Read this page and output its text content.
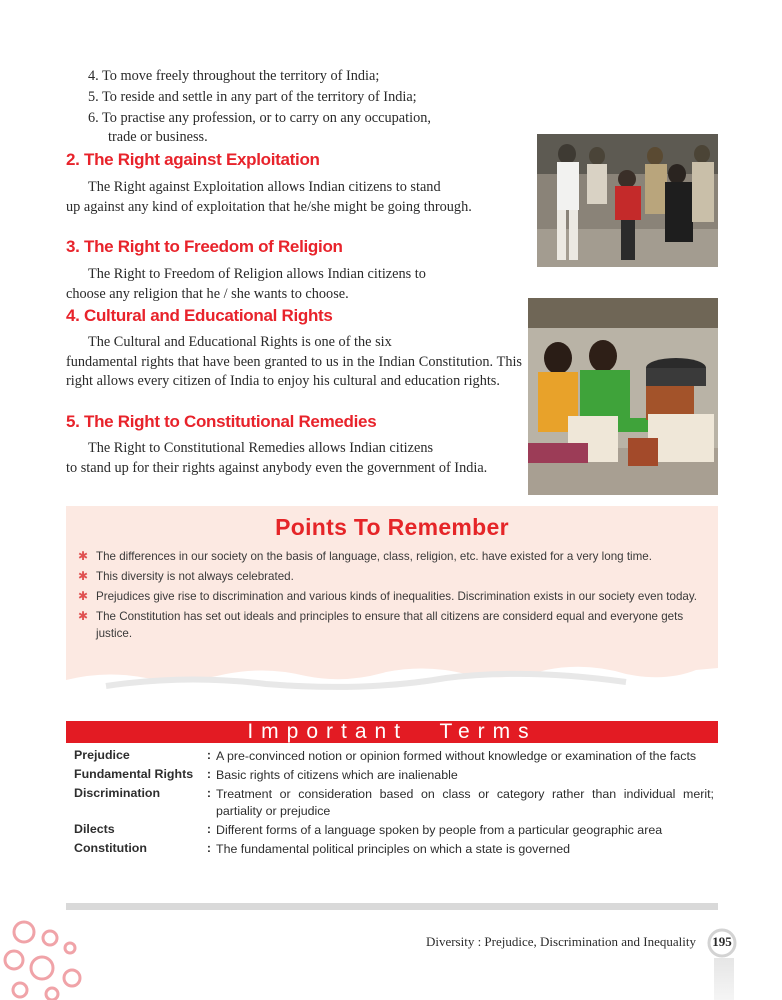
4. To move freely throughout the territory of India;
5. To reside and settle in any part of the territory of India;
6. To practise any profession, or to carry on any occupation,
trade or business.
2. The Right against Exploitation
The Right against Exploitation allows Indian citizens to stand
up against any kind of exploitation that he/she might be going through.
3. The Right to Freedom of Religion
The Right to Freedom of Religion allows Indian citizens to
choose any religion that he / she wants to choose.
4. Cultural and Educational Rights
The Cultural and Educational Rights is one of the six
fundamental rights that have been granted to us in the Indian Constitution. This right allows every citizen of India to enjoy his cultural and education rights.
5. The Right to Constitutional Remedies
The Right to Constitutional Remedies allows Indian citizens
to stand up for their rights against anybody even the government of India.
Points To Remember
✱ The differences in our society on the basis of language, class, religion, etc. have existed for a very long time.
✱ This diversity is not always celebrated.
✱ Prejudices give rise to discrimination and various kinds of inequalities. Discrimination exists in our society even today.
✱ The Constitution has set out ideals and principles to ensure that all citizens are considerd equal and everyone gets justice.
Important Terms
Prejudice	: A pre-convinced notion or opinion formed without knowledge or examination of the facts
Fundamental Rights	: Basic rights of citizens which are inalienable
Discrimination	: Treatment or consideration based on class or category rather than individual merit; partiality or prejudice
Dilects	: Different forms of a language spoken by people from a particular geographic area
Constitution	: The fundamental political principles on which a state is governed
Diversity : Prejudice, Discrimination and Inequality	195
